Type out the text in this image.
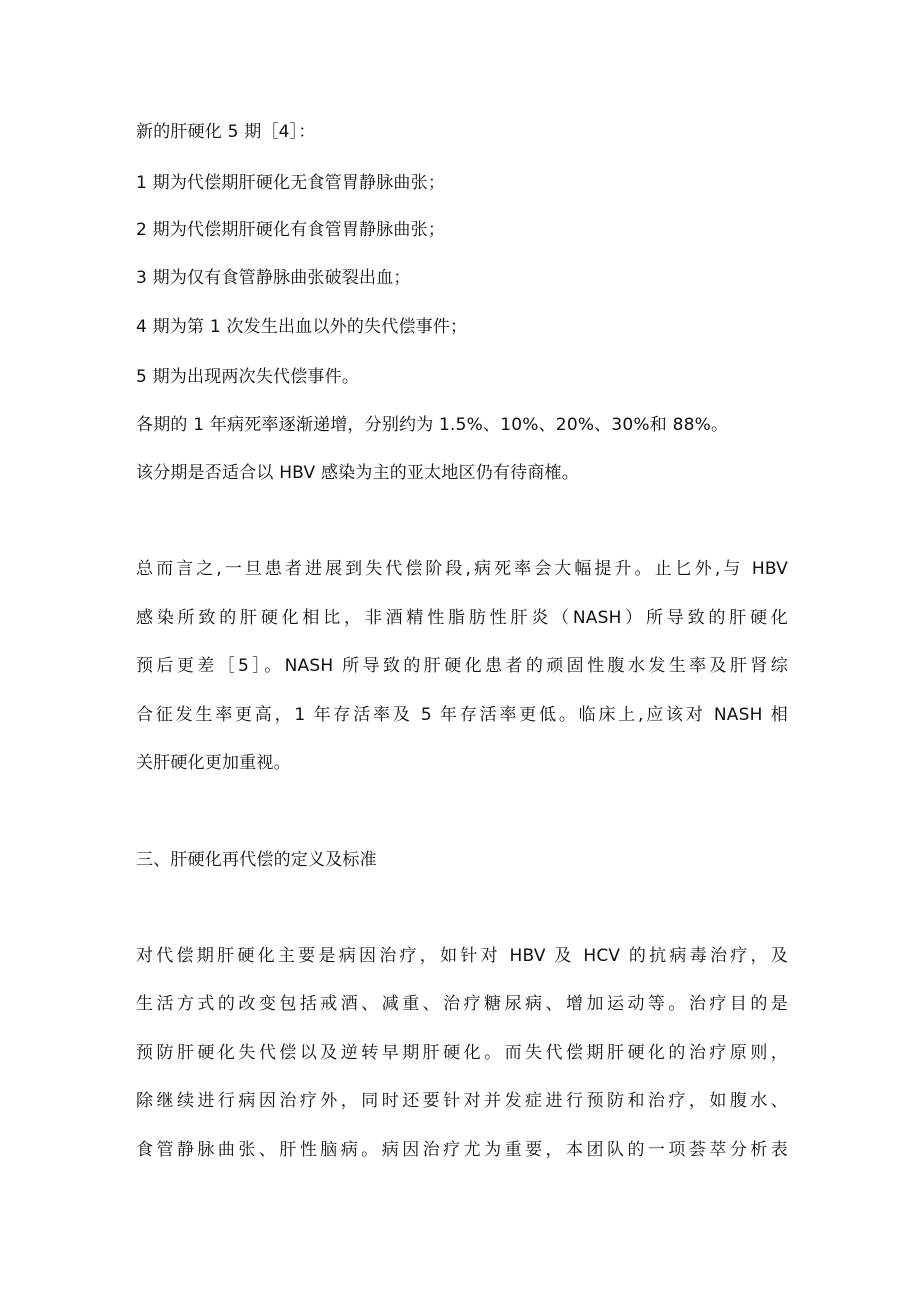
新的肝硬化 5 期［4］：

1 期为代偿期肝硬化无食管胃静脉曲张；

2 期为代偿期肝硬化有食管胃静脉曲张；

3 期为仅有食管静脉曲张破裂出血；

4 期为第 1 次发生出血以外的失代偿事件；

5 期为出现两次失代偿事件。

各期的 1 年病死率逐渐递增，分别约为 1.5%、10%、20%、30%和 88%。

该分期是否适合以 HBV 感染为主的亚太地区仍有待商榷。

总而言之,一旦患者进展到失代偿阶段,病死率会大幅提升。止匕外,与 HBV

感染所致的肝硬化相比，非酒精性脂肪性肝炎（NASH）所导致的肝硬化

预后更差［5］。NASH 所导致的肝硬化患者的顽固性腹水发生率及肝肾综

合征发生率更高，1 年存活率及 5 年存活率更低。临床上,应该对 NASH 相

关肝硬化更加重视。

三、肝硬化再代偿的定义及标准

对代偿期肝硬化主要是病因治疗，如针对 HBV 及 HCV 的抗病毒治疗，及

生活方式的改变包括戒酒、减重、治疗糖尿病、增加运动等。治疗目的是

预防肝硬化失代偿以及逆转早期肝硬化。而失代偿期肝硬化的治疗原则，

除继续进行病因治疗外，同时还要针对并发症进行预防和治疗，如腹水、

食管静脉曲张、肝性脑病。病因治疗尤为重要，本团队的一项荟萃分析表
